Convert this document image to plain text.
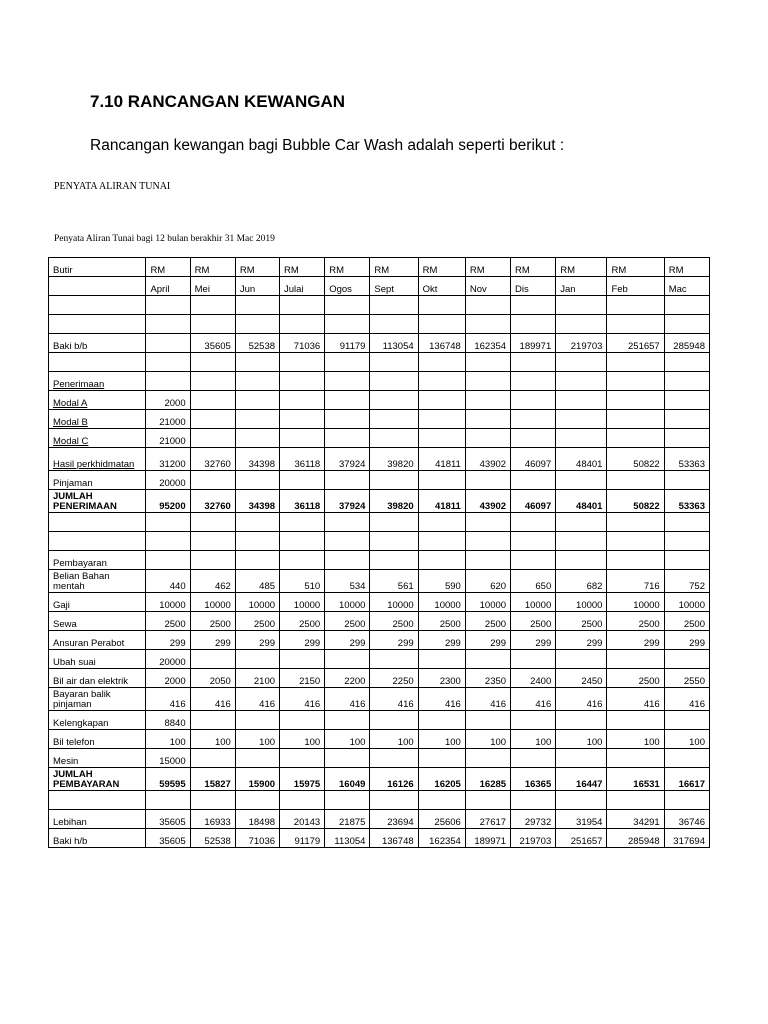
7.10 RANCANGAN KEWANGAN
Rancangan kewangan bagi Bubble Car Wash adalah seperti berikut :
PENYATA ALIRAN TUNAI
Penyata Aliran Tunai bagi 12 bulan berakhir 31 Mac 2019
Butir	RM	RM	RM	RM	RM	RM	RM	RM	RM	RM	RM	RM
	April	Mei	Jun	Julai	Ogos	Sept	Okt	Nov	Dis	Jan	Feb	Mac

Baki b/b		35605	52538	71036	91179	113054	136748	162354	189971	219703	251657	285948

Penerimaan												
Modal A	2000											
Modal B	21000											
Modal C	21000											
Hasil perkhidmatan	31200	32760	34398	36118	37924	39820	41811	43902	46097	48401	50822	53363
Pinjaman	20000											
JUMLAH PENERIMAAN	95200	32760	34398	36118	37924	39820	41811	43902	46097	48401	50822	53363

Pembayaran												
Belian Bahan mentah	440	462	485	510	534	561	590	620	650	682	716	752
Gaji	10000	10000	10000	10000	10000	10000	10000	10000	10000	10000	10000	10000
Sewa	2500	2500	2500	2500	2500	2500	2500	2500	2500	2500	2500	2500
Ansuran Perabot	299	299	299	299	299	299	299	299	299	299	299	299
Ubah suai	20000											
Bil air dan elektrik	2000	2050	2100	2150	2200	2250	2300	2350	2400	2450	2500	2550
Bayaran balik pinjaman	416	416	416	416	416	416	416	416	416	416	416	416
Kelengkapan	8840											
Bil telefon	100	100	100	100	100	100	100	100	100	100	100	100
Mesin	15000											
JUMLAH PEMBAYARAN	59595	15827	15900	15975	16049	16126	16205	16285	16365	16447	16531	16617

Lebihan	35605	16933	18498	20143	21875	23694	25606	27617	29732	31954	34291	36746
Baki h/b	35605	52538	71036	91179	113054	136748	162354	189971	219703	251657	285948	317694
